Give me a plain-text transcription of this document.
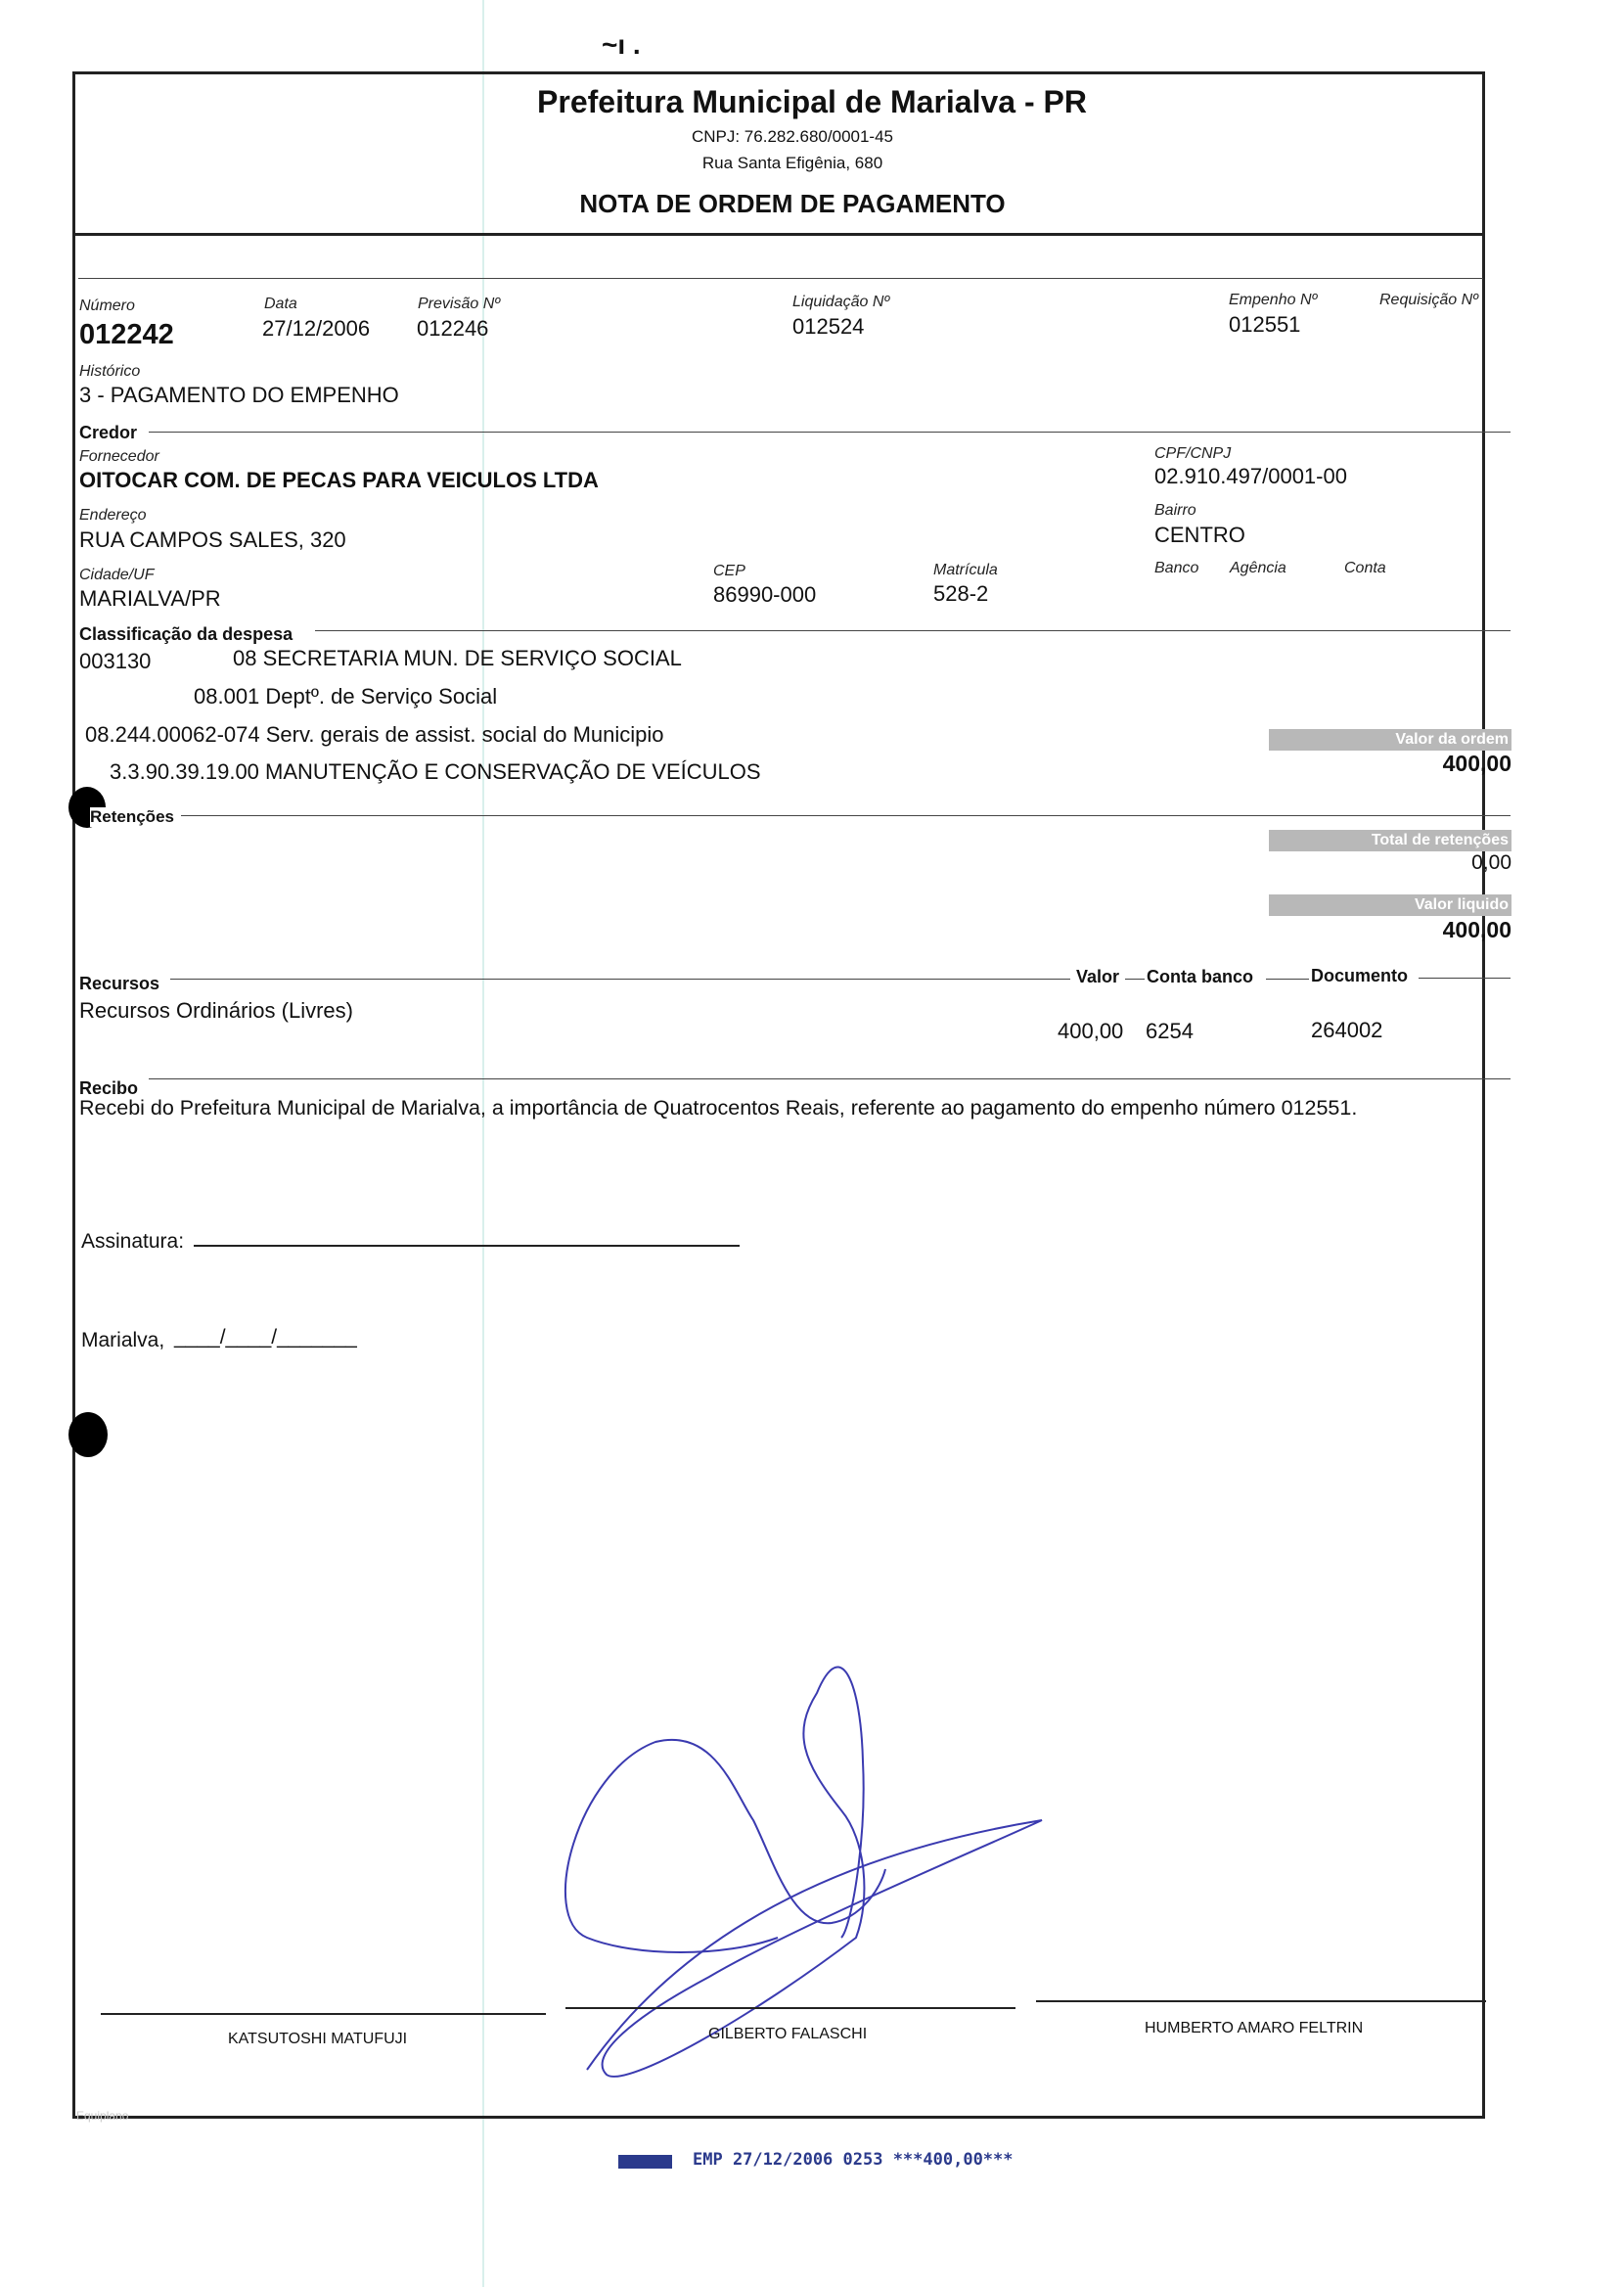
~ı .
Prefeitura Municipal de Marialva - PR
CNPJ: 76.282.680/0001-45
Rua Santa Efigênia, 680
NOTA DE ORDEM DE PAGAMENTO
Número
012242
Data
27/12/2006
Previsão Nº
012246
Liquidação Nº
012524
Empenho Nº
012551
Requisição Nº
Histórico
3 - PAGAMENTO DO EMPENHO
Credor
Fornecedor
OITOCAR COM. DE PECAS PARA VEICULOS LTDA
CPF/CNPJ
02.910.497/0001-00
Endereço
RUA CAMPOS SALES, 320
Bairro
CENTRO
Cidade/UF
MARIALVA/PR
CEP
86990-000
Matrícula
528-2
Banco Agência	Conta
Classificação da despesa
003130	08 SECRETARIA MUN. DE SERVIÇO SOCIAL
08.001 Deptº. de Serviço Social
08.244.00062-074 Serv. gerais de assist. social do Municipio
3.3.90.39.19.00 MANUTENÇÃO E CONSERVAÇÃO DE VEÍCULOS
Valor da ordem
400,00
Retenções
Total de retenções
0,00
Valor liquido
400,00
Recursos	Valor Conta banco	Documento
Recursos Ordinários (Livres)
400,00 6254	264002
Recibo
Recebi do Prefeitura Municipal de Marialva, a importância de Quatrocentos Reais, referente ao pagamento do empenho número 012551.
Assinatura:
Marialva, ____/____/_______
KATSUTOSHI MATUFUJI	GILBERTO FALASCHI	HUMBERTO AMARO FELTRIN
Equiplano
EMP 27/12/2006 0253 ***400,00***
